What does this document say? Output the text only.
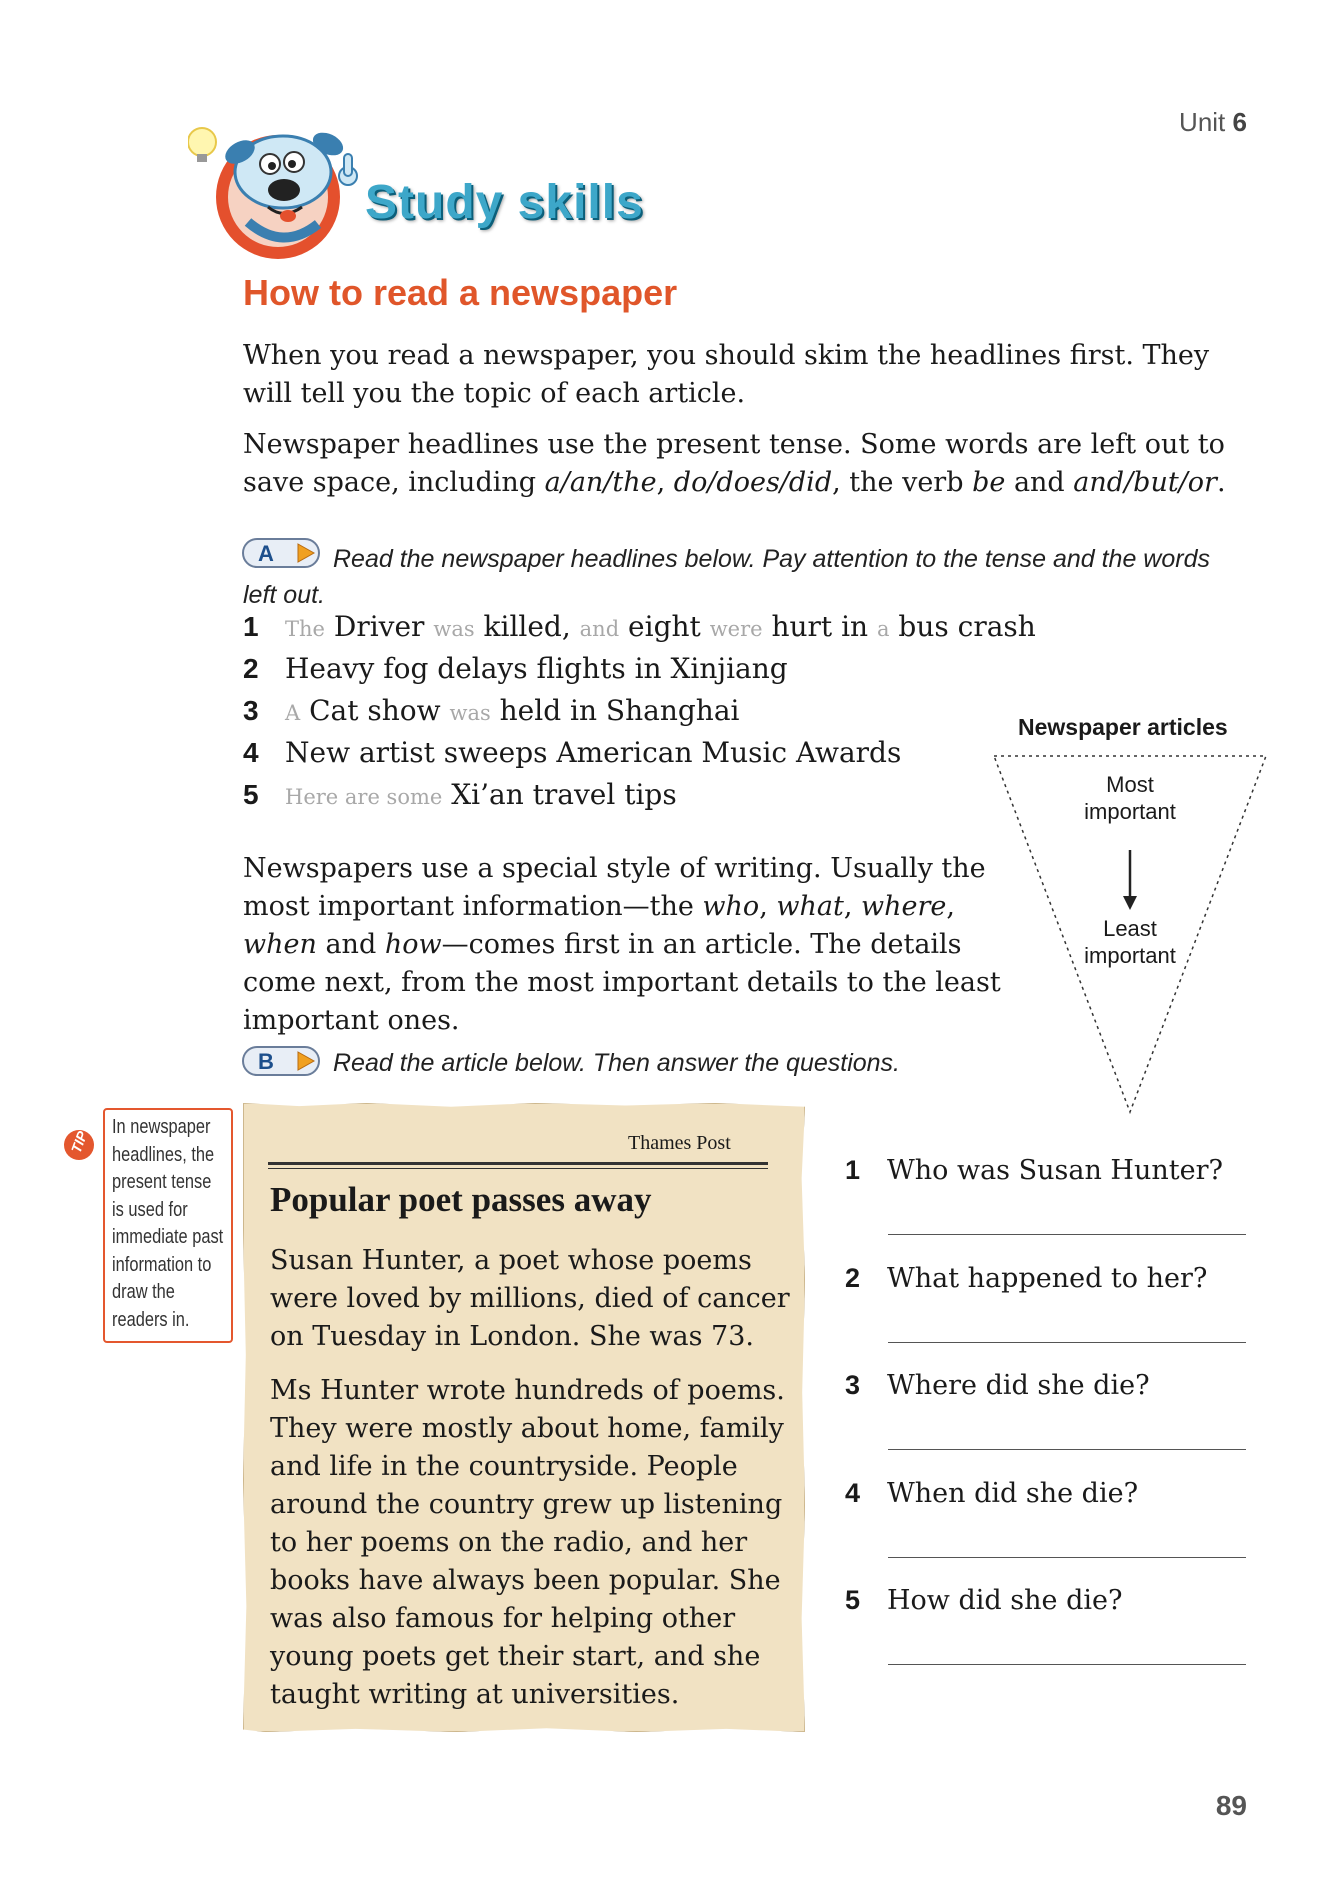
Unit 6
Study skills
How to read a newspaper
When you read a newspaper, you should skim the headlines first. They will tell you the topic of each article.
Newspaper headlines use the present tense. Some words are left out to save space, including a/an/the, do/does/did, the verb be and and/but/or.
A	Read the newspaper headlines below. Pay attention to the tense and the words left out.
1 The Driver was killed, and eight were hurt in a bus crash
2 Heavy fog delays flights in Xinjiang
3 A Cat show was held in Shanghai
4 New artist sweeps American Music Awards
5 Here are some Xi’an travel tips
Newspaper articles
Most important
Least important
Newspapers use a special style of writing. Usually the most important information—the who, what, where, when and how—comes first in an article. The details come next, from the most important details to the least important ones.
B Read the article below. Then answer the questions.
In newspaper headlines, the present tense is used for immediate past information to draw the readers in.
TIP	Thames Post
Popular poet passes away
Susan Hunter, a poet whose poems were loved by millions, died of cancer on Tuesday in London. She was 73.
Ms Hunter wrote hundreds of poems. They were mostly about home, family and life in the countryside. People around the country grew up listening to her poems on the radio, and her books have always been popular. She was also famous for helping other young poets get their start, and she taught writing at universities.
1 Who was Susan Hunter?
2 What happened to her?
3 Where did she die?
4 When did she die?
5 How did she die?
89
